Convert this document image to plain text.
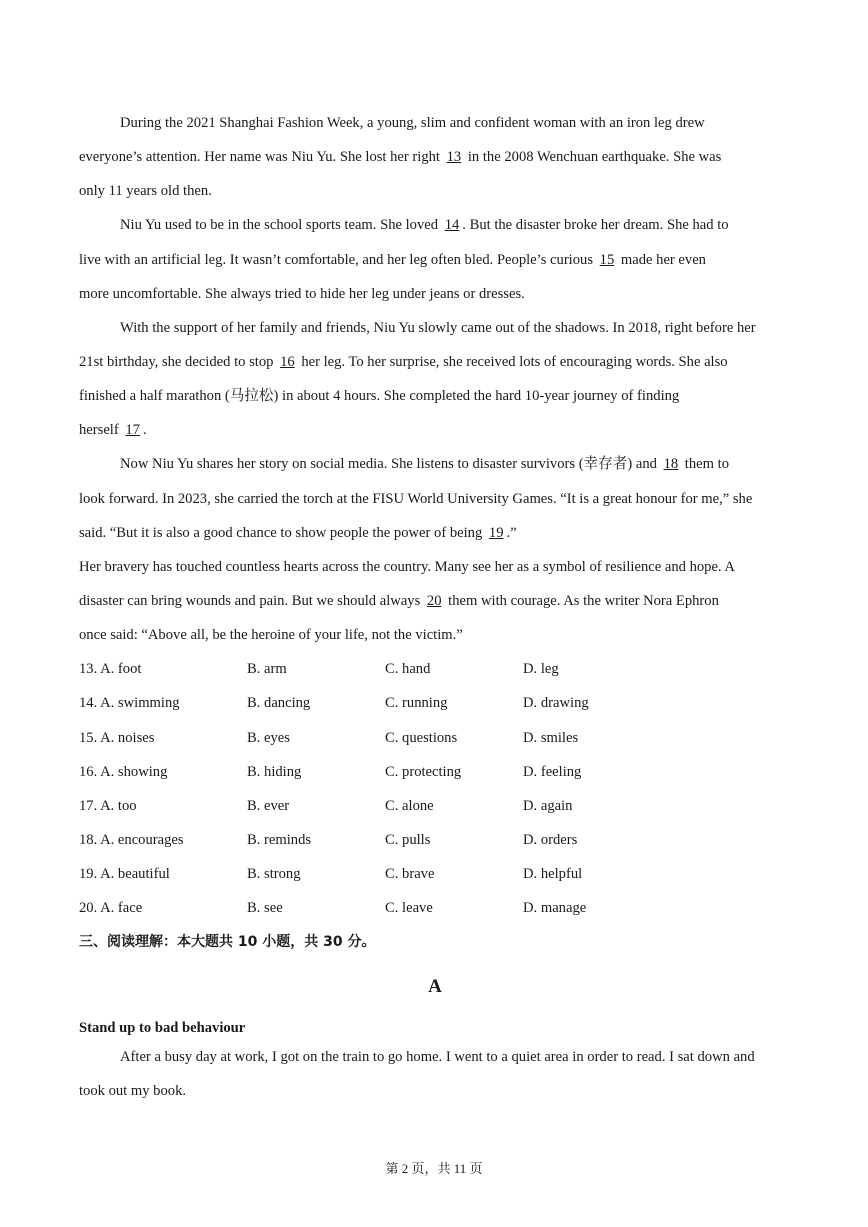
During the 2021 Shanghai Fashion Week, a young, slim and confident woman with an iron leg drew
everyone’s attention. Her name was Niu Yu. She lost her right 13 in the 2008 Wenchuan earthquake. She was
only 11 years old then.
Niu Yu used to be in the school sports team. She loved 14 . But the disaster broke her dream. She had to
live with an artificial leg. It wasn’t comfortable, and her leg often bled. People’s curious 15 made her even
more uncomfortable. She always tried to hide her leg under jeans or dresses.
With the support of her family and friends, Niu Yu slowly came out of the shadows. In 2018, right before her
21st birthday, she decided to stop 16 her leg. To her surprise, she received lots of encouraging words. She also
finished a half marathon (马拉松) in about 4 hours. She completed the hard 10-year journey of finding
herself 17 .
Now Niu Yu shares her story on social media. She listens to disaster survivors (幸存者) and 18 them to
look forward. In 2023, she carried the torch at the FISU World University Games. “It is a great honour for me,” she
said. “But it is also a good chance to show people the power of being 19 .”
Her bravery has touched countless hearts across the country. Many see her as a symbol of resilience and hope. A
disaster can bring wounds and pain. But we should always 20 them with courage. As the writer Nora Ephron
once said: “Above all, be the heroine of your life, not the victim.”
13. A. foot	B. arm	C. hand	D. leg
14. A. swimming	B. dancing	C. running	D. drawing
15. A. noises	B. eyes	C. questions	D. smiles
16. A. showing	B. hiding	C. protecting	D. feeling
17. A. too	B. ever	C. alone	D. again
18. A. encourages	B. reminds	C. pulls	D. orders
19. A. beautiful	B. strong	C. brave	D. helpful
20. A. face	B. see	C. leave	D. manage
三、阅读理解：本大题共 10 小题，共 30 分。
A
Stand up to bad behaviour
After a busy day at work, I got on the train to go home. I went to a quiet area in order to read. I sat down and
took out my book.
第 2 页，共 11 页
